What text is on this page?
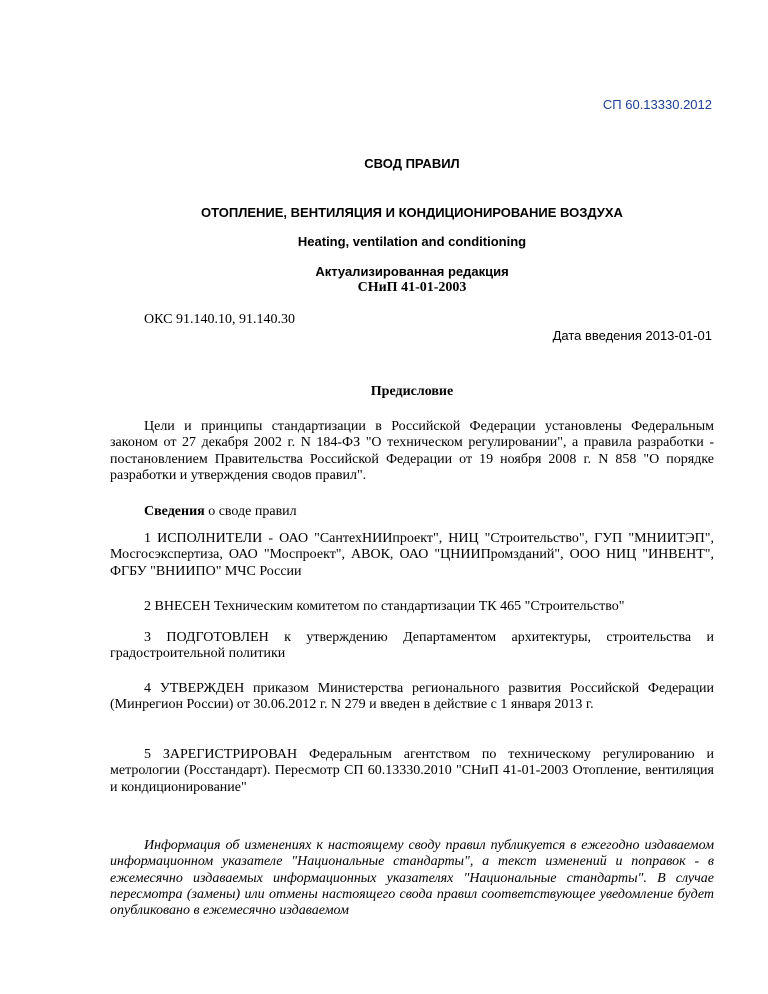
СП 60.13330.2012
СВОД ПРАВИЛ
ОТОПЛЕНИЕ, ВЕНТИЛЯЦИЯ И КОНДИЦИОНИРОВАНИЕ ВОЗДУХА
Heating, ventilation and conditioning
Актуализированная редакция
СНиП 41-01-2003
ОКС 91.140.10, 91.140.30
Дата введения 2013-01-01
Предисловие
Цели и принципы стандартизации в Российской Федерации установлены Федеральным законом от 27 декабря 2002 г. N 184-ФЗ "О техническом регулировании", а правила разработки - постановлением Правительства Российской Федерации от 19 ноября 2008 г. N 858 "О порядке разработки и утверждения сводов правил".
Сведения о своде правил
1 ИСПОЛНИТЕЛИ - ОАО "СантехНИИпроект", НИЦ "Строительство", ГУП "МНИИТЭП", Мосгосэкспертиза, ОАО "Моспроект", АВОК, ОАО "ЦНИИПромзданий", ООО НИЦ "ИНВЕНТ", ФГБУ "ВНИИПО" МЧС России
2 ВНЕСЕН Техническим комитетом по стандартизации ТК 465 "Строительство"
3 ПОДГОТОВЛЕН к утверждению Департаментом архитектуры, строительства и градостроительной политики
4 УТВЕРЖДЕН приказом Министерства регионального развития Российской Федерации (Минрегион России) от 30.06.2012 г. N 279 и введен в действие с 1 января 2013 г.
5 ЗАРЕГИСТРИРОВАН Федеральным агентством по техническому регулированию и метрологии (Росстандарт). Пересмотр СП 60.13330.2010 "СНиП 41-01-2003 Отопление, вентиляция и кондиционирование"
Информация об изменениях к настоящему своду правил публикуется в ежегодно издаваемом информационном указателе "Национальные стандарты", а текст изменений и поправок - в ежемесячно издаваемых информационных указателях "Национальные стандарты". В случае пересмотра (замены) или отмены настоящего свода правил соответствующее уведомление будет опубликовано в ежемесячно издаваемом
